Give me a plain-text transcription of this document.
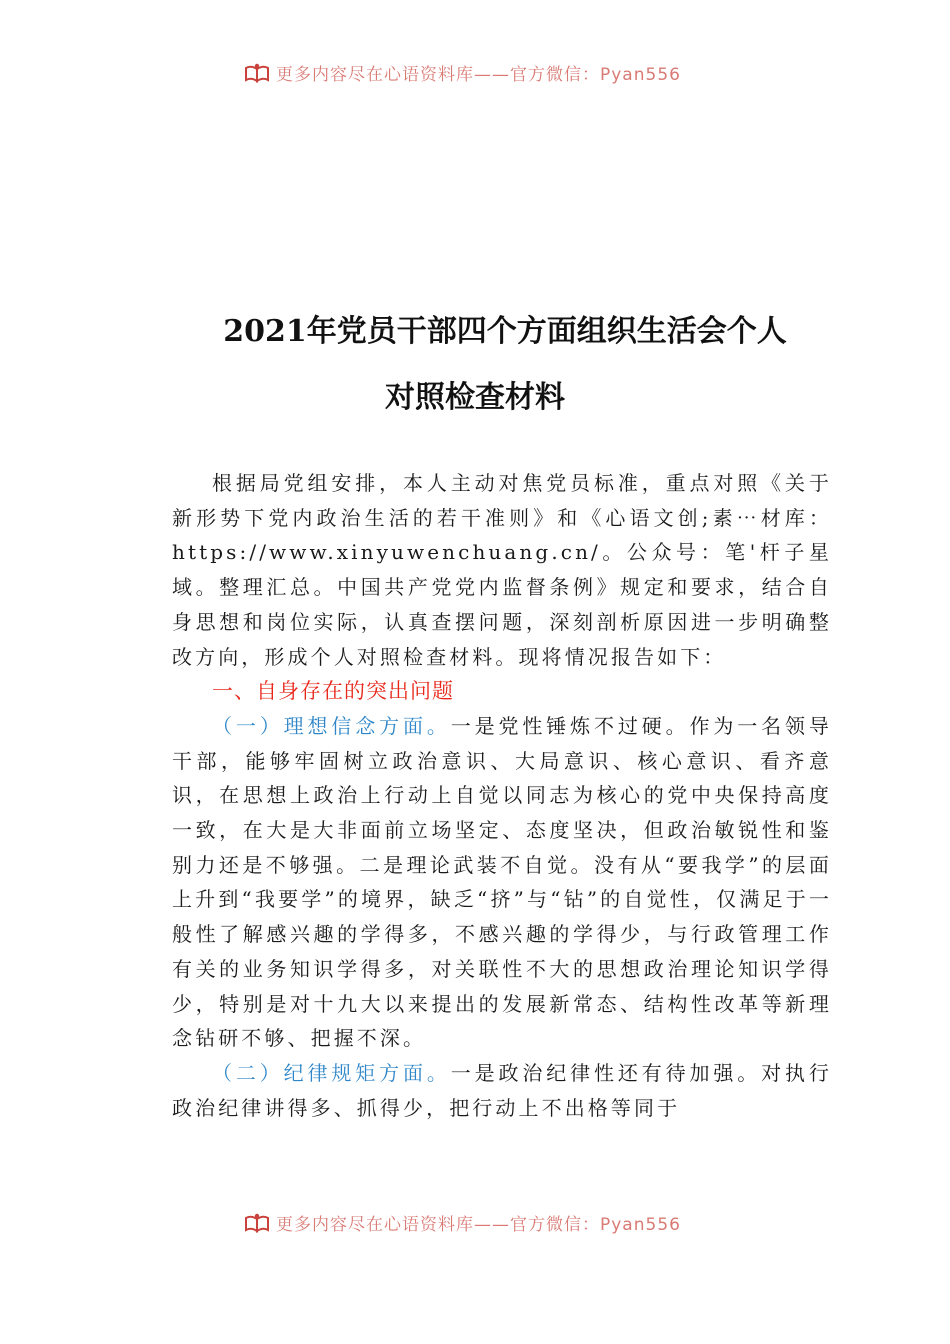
更多内容尽在心语资料库——官方微信：Pyan556
2021年党员干部四个方面组织生活会个人
对照检查材料

根据局党组安排，本人主动对焦党员标准，重点对照《关于新形势下党内政治生活的若干准则》和《心语文创;素⋯材库：https://www.xinyuwenchuang.cn/。公众号：笔'杆子星域。整理汇总。中国共产党党内监督条例》规定和要求，结合自身思想和岗位实际，认真查摆问题，深刻剖析原因进一步明确整改方向，形成个人对照检查材料。现将情况报告如下：

一、自身存在的突出问题

（一）理想信念方面。一是党性锤炼不过硬。作为一名领导干部，能够牢固树立政治意识、大局意识、核心意识、看齐意识，在思想上政治上行动上自觉以同志为核心的党中央保持高度一致，在大是大非面前立场坚定、态度坚决，但政治敏锐性和鉴别力还是不够强。二是理论武装不自觉。没有从“要我学”的层面上升到“我要学”的境界，缺乏“挤”与“钻”的自觉性，仅满足于一般性了解感兴趣的学得多，不感兴趣的学得少，与行政管理工作有关的业务知识学得多，对关联性不大的思想政治理论知识学得少，特别是对十九大以来提出的发展新常态、结构性改革等新理念钻研不够、把握不深。

（二）纪律规矩方面。一是政治纪律性还有待加强。对执行政治纪律讲得多、抓得少，把行动上不出格等同于

更多内容尽在心语资料库——官方微信：Pyan556
